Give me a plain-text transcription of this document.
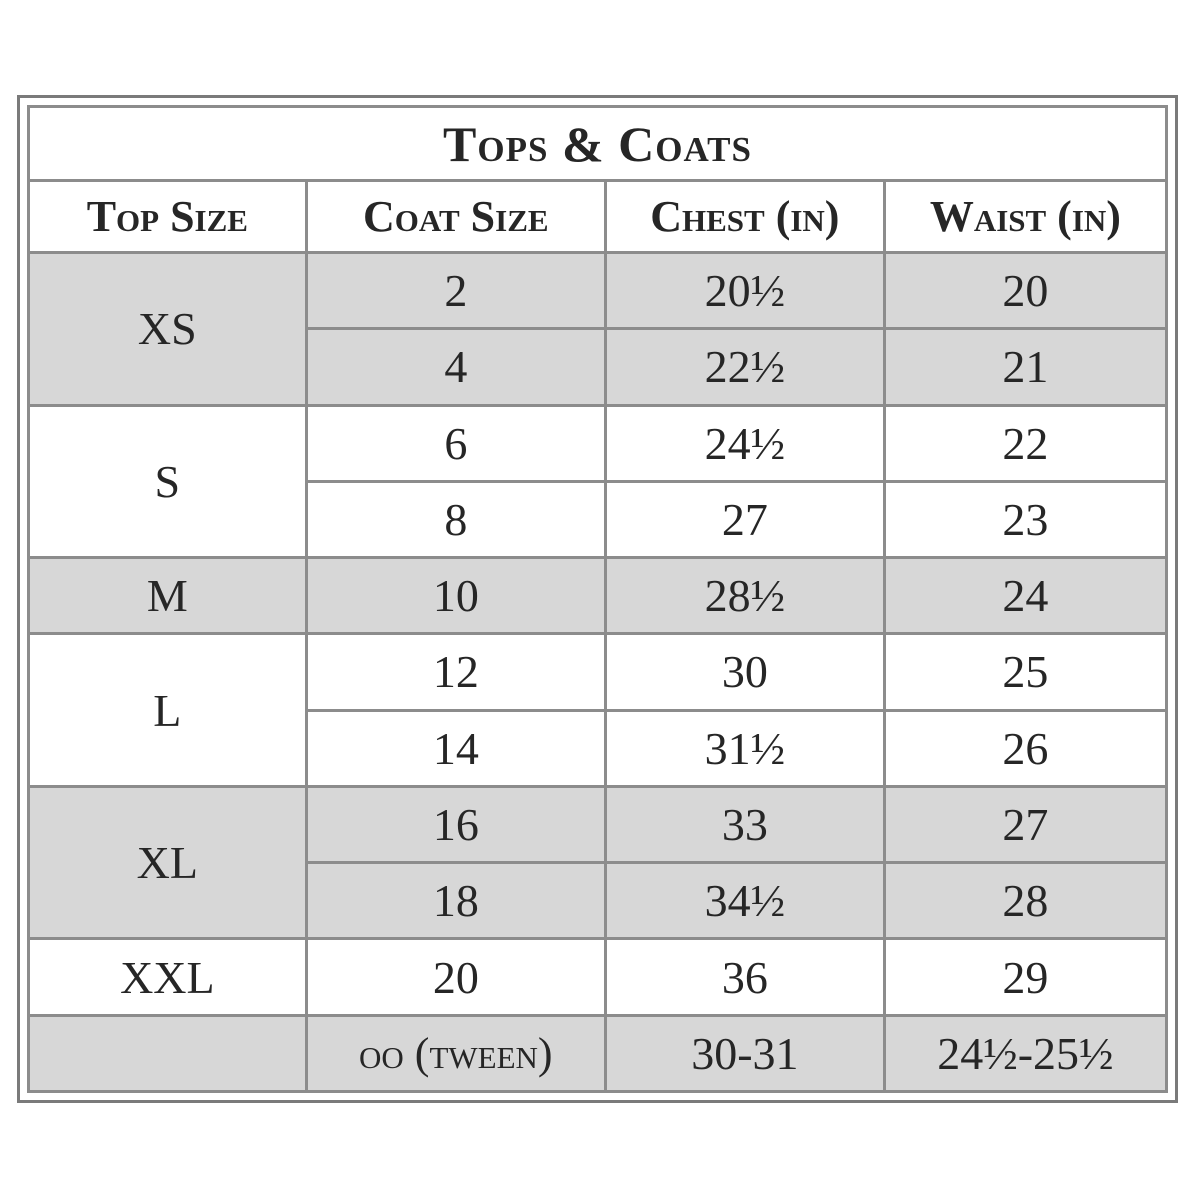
Tops & Coats			
Top Size	Coat Size	Chest (in)	Waist (in)
XS	2	20½	20
	4	22½	21
S	6	24½	22
	8	27	23
M	10	28½	24
L	12	30	25
	14	31½	26
XL	16	33	27
	18	34½	28
XXL	20	36	29
	oo (tween)	30-31	24½-25½
